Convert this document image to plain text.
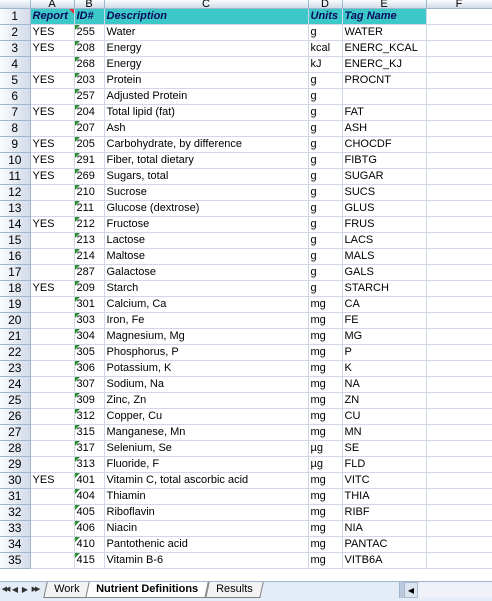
	A	B	C	D	E	F
1	Report	ID#	Description	Units	Tag Name	
2	YES	255	Water	g	WATER	
3	YES	208	Energy	kcal	ENERC_KCAL	
4		268	Energy	kJ	ENERC_KJ	
5	YES	203	Protein	g	PROCNT	
6		257	Adjusted Protein	g		
7	YES	204	Total lipid (fat)	g	FAT	
8		207	Ash	g	ASH	
9	YES	205	Carbohydrate, by difference	g	CHOCDF	
10	YES	291	Fiber, total dietary	g	FIBTG	
11	YES	269	Sugars, total	g	SUGAR	
12		210	Sucrose	g	SUCS	
13		211	Glucose (dextrose)	g	GLUS	
14	YES	212	Fructose	g	FRUS	
15		213	Lactose	g	LACS	
16		214	Maltose	g	MALS	
17		287	Galactose	g	GALS	
18	YES	209	Starch	g	STARCH	
19		301	Calcium, Ca	mg	CA	
20		303	Iron, Fe	mg	FE	
21		304	Magnesium, Mg	mg	MG	
22		305	Phosphorus, P	mg	P	
23		306	Potassium, K	mg	K	
24		307	Sodium, Na	mg	NA	
25		309	Zinc, Zn	mg	ZN	
26		312	Copper, Cu	mg	CU	
27		315	Manganese, Mn	mg	MN	
28		317	Selenium, Se	µg	SE	
29		313	Fluoride, F	µg	FLD	
30	YES	401	Vitamin C, total ascorbic acid	mg	VITC	
31		404	Thiamin	mg	THIA	
32		405	Riboflavin	mg	RIBF	
33		406	Niacin	mg	NIA	
34		410	Pantothenic acid	mg	PANTAC	
35		415	Vitamin B-6	mg	VITB6A	
◀◀ ◀ ▶ ▶▶	Work	Nutrient Definitions	Results	◀
